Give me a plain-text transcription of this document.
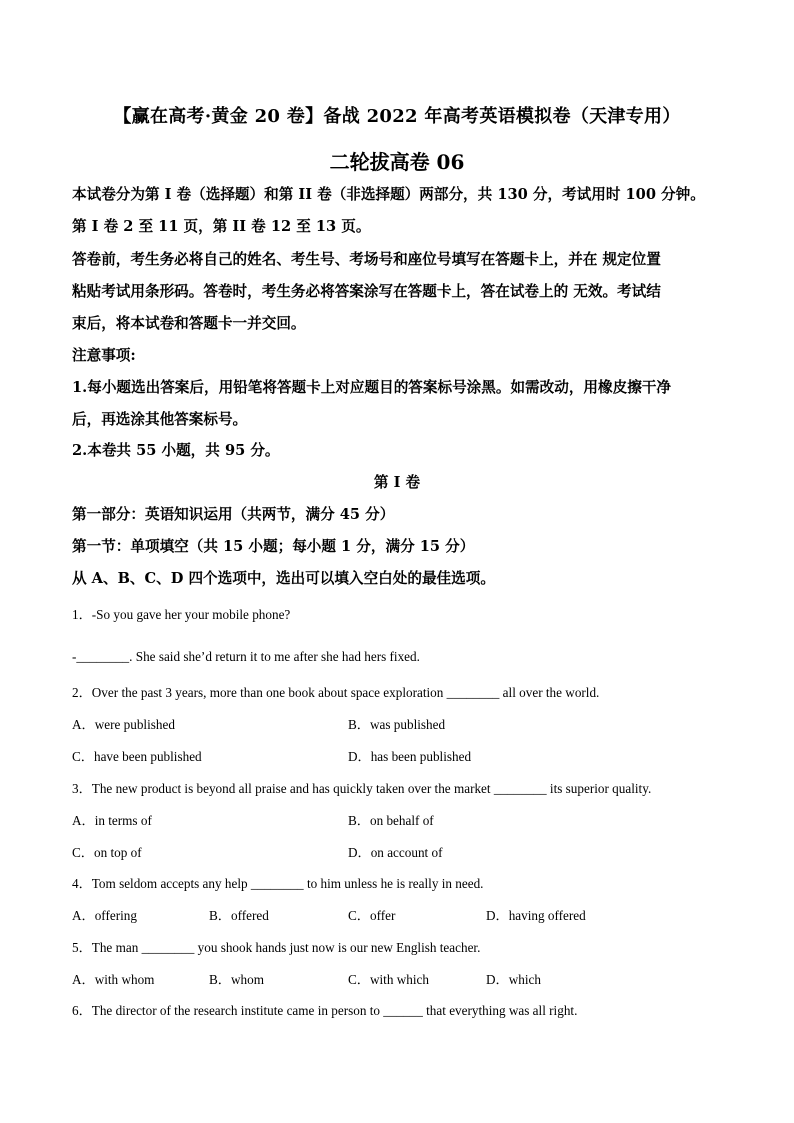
【赢在高考·黄金 20 卷】备战 2022 年高考英语模拟卷（天津专用）
二轮拔高卷 06
本试卷分为第 I 卷（选择题）和第 II 卷（非选择题）两部分，共 130 分，考试用时 100 分钟。
第 I 卷 2 至 11 页，第 II 卷 12 至 13 页。
答卷前，考生务必将自己的姓名、考生号、考场号和座位号填写在答题卡上，并在 规定位置
粘贴考试用条形码。答卷时，考生务必将答案涂写在答题卡上，答在试卷上的 无效。考试结
束后，将本试卷和答题卡一并交回。
注意事项:
1.每小题选出答案后，用铅笔将答题卡上对应题目的答案标号涂黑。如需改动，用橡皮擦干净
后，再选涂其他答案标号。
2.本卷共 55 小题，共 95 分。
第 I 卷
第一部分：英语知识运用（共两节，满分 45 分）
第一节：单项填空（共 15 小题；每小题 1 分，满分 15 分）
从 A、B、C、D 四个选项中，选出可以填入空白处的最佳选项。
1．-So you gave her your mobile phone?
-________. She said she’d return it to me after she had hers fixed.
2．Over the past 3 years, more than one book about space exploration ________ all over the world.
A．were published	B．was published
C．have been published	D．has been published
3．The new product is beyond all praise and has quickly taken over the market ________ its superior quality.
A．in terms of	B．on behalf of
C．on top of	D．on account of
4．Tom seldom accepts any help ________ to him unless he is really in need.
A．offering	B．offered	C．offer	D．having offered
5．The man ________ you shook hands just now is our new English teacher.
A．with whom	B．whom	C．with which	D．which
6．The director of the research institute came in person to ______ that everything was all right.
